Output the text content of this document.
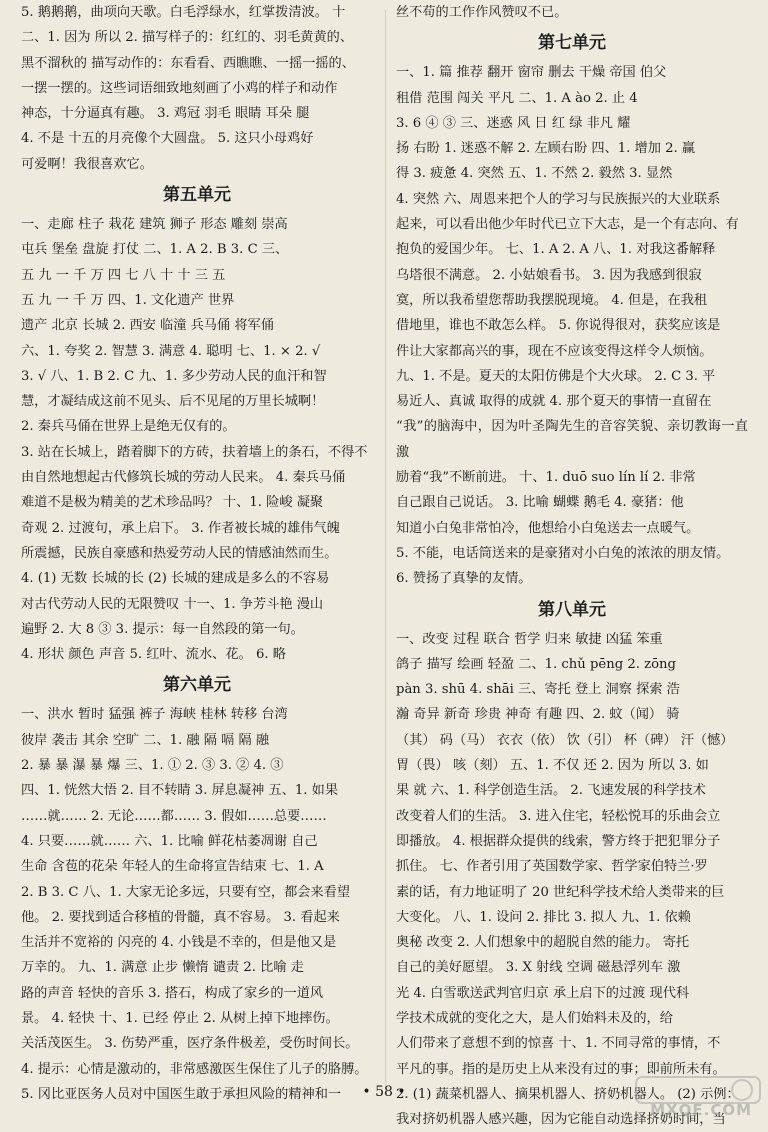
5. 鹅鹅鹅，曲项向天歌。白毛浮绿水，红掌拨清波。 十
二、1. 因为 所以 2. 描写样子的：红红的、羽毛黄黄的、
黑不溜秋的 描写动作的：东看看、西瞧瞧、一摇一摇的、
一摆一摆的。这些词语细致地刻画了小鸡的样子和动作
神态，十分逼真有趣。 3. 鸡冠 羽毛 眼睛 耳朵 腿
4. 不是 十五的月亮像个大圆盘。 5. 这只小母鸡好
可爱啊！我很喜欢它。
第五单元
一、走廊 柱子 栽花 建筑 狮子 形态 雕刻 崇高
屯兵 堡垒 盘旋 打仗 二、1. A 2. B 3. C 三、
五 九 一 千 万 四 七 八 十 十 三 五
五 九 一 千 万 四、1. 文化遗产 世界
遗产 北京 长城 2. 西安 临潼 兵马俑 将军俑
六、1. 夸奖 2. 智慧 3. 满意 4. 聪明 七、1. × 2. √
3. √ 八、1. B 2. C 九、1. 多少劳动人民的血汗和智
慧，才凝结成这前不见头、后不见尾的万里长城啊！
2. 秦兵马俑在世界上是绝无仅有的。
3. 站在长城上，踏着脚下的方砖，扶着墙上的条石，不得不
由自然地想起古代修筑长城的劳动人民来。 4. 秦兵马俑
难道不是极为精美的艺术珍品吗？ 十、1. 险峻 凝聚
奇观 2. 过渡句，承上启下。 3. 作者被长城的雄伟气魄
所震撼，民族自豪感和热爱劳动人民的情感油然而生。
4. (1) 无数 长城的长 (2) 长城的建成是多么的不容易
对古代劳动人民的无限赞叹 十一、1. 争芳斗艳 漫山
遍野 2. 大 8 ③ 3. 提示：每一自然段的第一句。
4. 形状 颜色 声音 5. 红叶、流水、花。 6. 略
第六单元
一、洪水 暂时 猛强 裤子 海峡 桂林 转移 台湾
彼岸 袭击 其余 空旷 二、1. 融 隔 嗝 隔 融
2. 暴 暴 瀑 暴 爆 三、1. ① 2. ③ 3. ② 4. ③
四、1. 恍然大悟 2. 目不转睛 3. 屏息凝神 五、1. 如果
……就…… 2. 无论……都…… 3. 假如……总要……
4. 只要……就…… 六、1. 比喻 鲜花枯萎凋谢 自己
生命 含苞的花朵 年轻人的生命将宣告结束 七、1. A
2. B 3. C 八、1. 大家无论多远，只要有空，都会来看望
他。 2. 要找到适合移植的骨髓，真不容易。 3. 看起来
生活并不宽裕的 闪亮的 4. 小钱是不幸的，但是他又是
万幸的。 九、1. 满意 止步 懒惰 谴责 2. 比喻 走
路的声音 轻快的音乐 3. 搭石，构成了家乡的一道风
景。 4. 轻快 十、1. 已经 停止 2. 从树上掉下地摔伤。
关活茂医生。 3. 伤势严重，医疗条件极差，受伤时间长。
4. 提示：心情是激动的，非常感激医生保住了儿子的胳膊。
5. 冈比亚医务人员对中国医生敢于承担风险的精神和一
丝不苟的工作作风赞叹不已。
第七单元
一、1. 篇 推荐 翻开 窗帘 删去 干燥 帝国 伯父
租借 范围 闯关 平凡 二、1. A ào 2. 止 4
3. 6 ④ ③ 三、迷惑 风 日 红 绿 非凡 耀
扬 右盼 1. 迷惑不解 2. 左顾右盼 四、1. 增加 2. 赢
得 3. 疲惫 4. 突然 五、1. 不然 2. 毅然 3. 显然
4. 突然 六、周恩来把个人的学习与民族振兴的大业联系
起来，可以看出他少年时代已立下大志，是一个有志向、有
抱负的爱国少年。 七、1. A 2. A 八、1. 对我这番解释
乌塔很不满意。 2. 小姑娘看书。 3. 因为我感到很寂
寞，所以我希望您帮助我摆脱现境。 4. 但是，在我租
借地里，谁也不敢怎么样。 5. 你说得很对，获奖应该是
件让大家都高兴的事，现在不应该变得这样令人烦恼。
九、1. 不是。夏天的太阳仿佛是个大火球。 2. C 3. 平
易近人、真诚 取得的成就 4. 那个夏天的事情一直留在
“我”的脑海中，因为叶圣陶先生的音容笑貌、亲切教诲一直激
励着“我”不断前进。 十、1. duō suo lín lí 2. 非常
自己跟自己说话。 3. 比喻 蝴蝶 鹅毛 4. 豪猪：他
知道小白兔非常怕冷，他想给小白兔送去一点暖气。
5. 不能，电话筒送来的是豪猪对小白兔的浓浓的朋友情。
6. 赞扬了真挚的友情。
第八单元
一、改变 过程 联合 哲学 归来 敏捷 凶猛 笨重
鸽子 描写 绘画 轻盈 二、1. chǔ pēng 2. zōng
pàn 3. shū 4. shāi 三、寄托 登上 洞察 探索 浩
瀚 奇异 新奇 珍贵 神奇 有趣 四、2. 蚊（闻） 骑
（其） 码（马） 衣衣（依） 饮（引） 杯（碑） 汗（憾）
胃（畏） 咳（刻） 五、1. 不仅 还 2. 因为 所以 3. 如
果 就 六、1. 科学创造生活。 2. 飞速发展的科学技术
改变着人们的生活。 3. 进入住宅，轻松悦耳的乐曲会立
即播放。 4. 根据群众提供的线索，警方终于把犯罪分子
抓住。 七、作者引用了英国数学家、哲学家伯特兰·罗
素的话，有力地证明了 20 世纪科学技术给人类带来的巨
大变化。 八、1. 设问 2. 排比 3. 拟人 九、1. 依赖
奥秘 改变 2. 人们想象中的超脱自然的能力。 寄托
自己的美好愿望。 3. X 射线 空调 磁悬浮列车 激
光 4. 白雪歌送武判官归京 承上启下的过渡 现代科
学技术成就的变化之大，是人们始料未及的，给
人们带来了意想不到的惊喜 十、1. 不同寻常的事情，不
平凡的事。指的是历史上从来没有过的事；即前所未有。
2. (1) 蔬菜机器人、摘果机器人、挤奶机器人。 (2) 示例：
我对挤奶机器人感兴趣，因为它能自动选择挤奶时间，当
• 58 •
MXQE.COM
